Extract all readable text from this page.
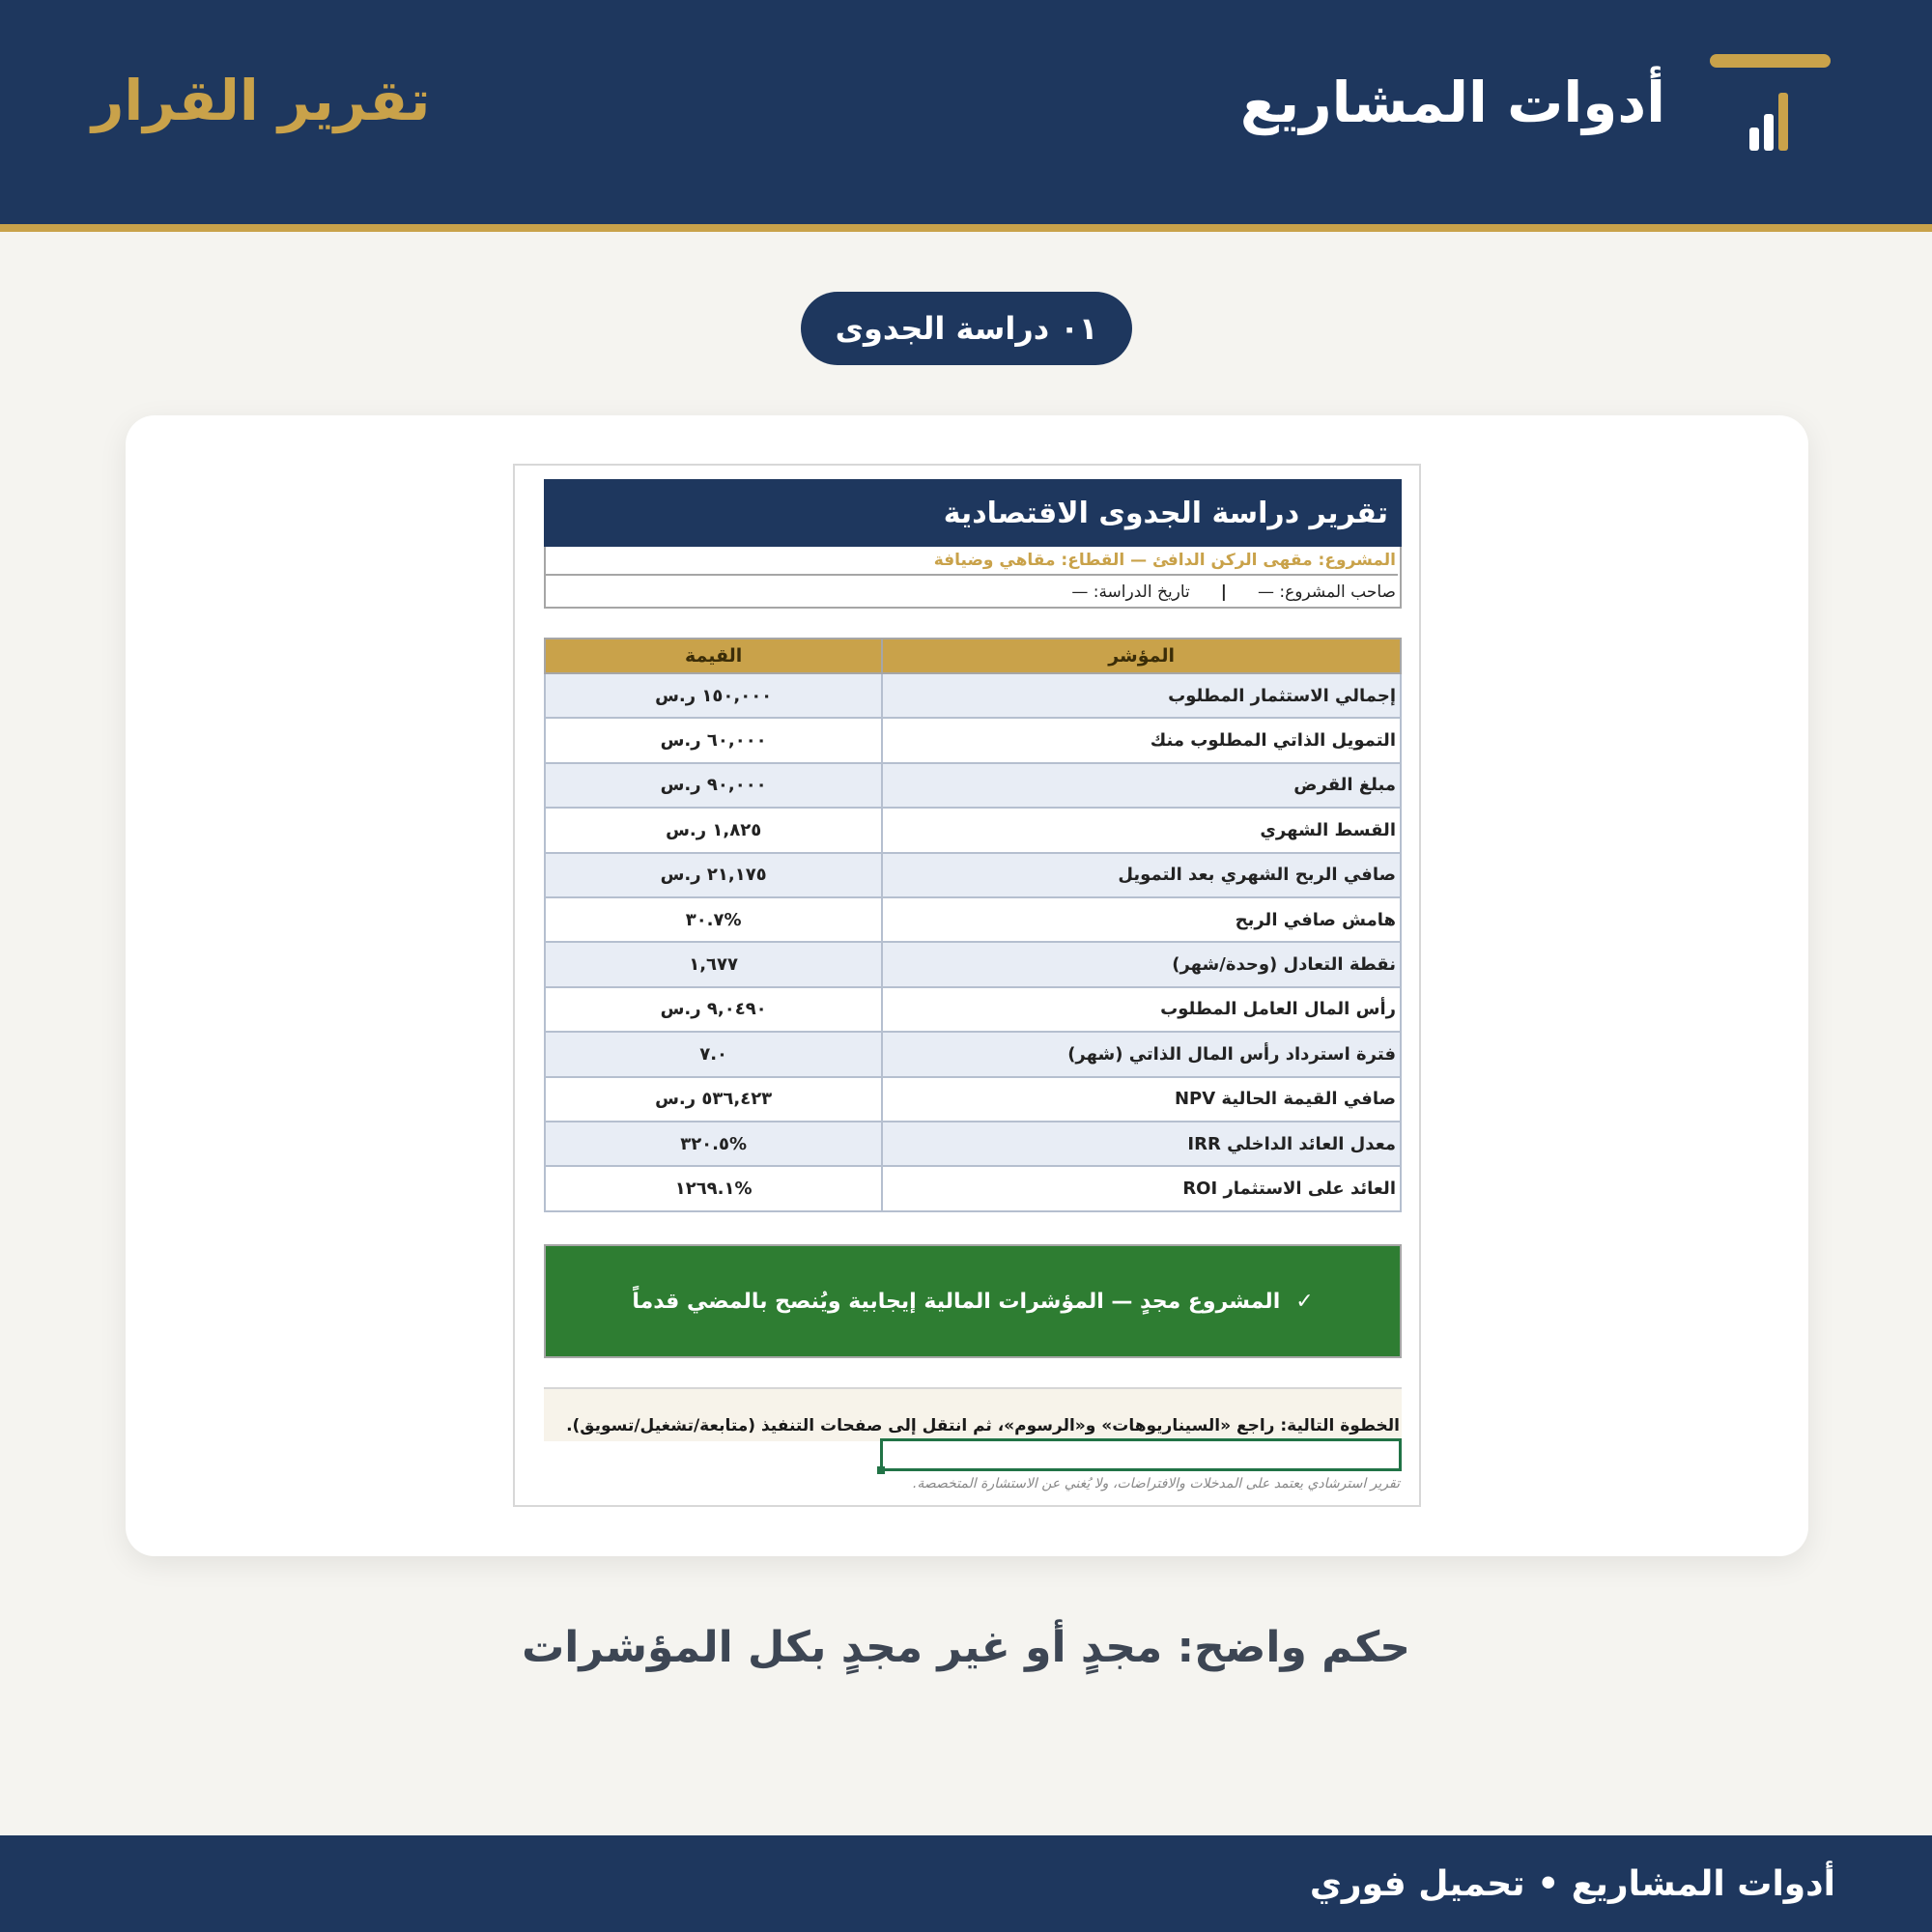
أدوات المشاريع
تقرير القرار
٠١ دراسة الجدوى
تقرير دراسة الجدوى الاقتصادية
المشروع: مقهى الركن الدافئ — القطاع: مقاهي وضيافة
صاحب المشروع: —
|
تاريخ الدراسة: —
المؤشر	القيمة
إجمالي الاستثمار المطلوب	١٥٠,٠٠٠ ر.س
التمويل الذاتي المطلوب منك	٦٠,٠٠٠ ر.س
مبلغ القرض	٩٠,٠٠٠ ر.س
القسط الشهري	١,٨٢٥ ر.س
صافي الربح الشهري بعد التمويل	٢١,١٧٥ ر.س
هامش صافي الربح	%٣٠.٧
نقطة التعادل (وحدة/شهر)	١,٦٧٧
رأس المال العامل المطلوب	٩,٠٤٩٠ ر.س
فترة استرداد رأس المال الذاتي (شهر)	٧.٠
صافي القيمة الحالية NPV	٥٣٦,٤٢٣ ر.س
معدل العائد الداخلي IRR	%٣٢٠.٥
العائد على الاستثمار ROI	%١٢٦٩.١
✓
المشروع مجدٍ — المؤشرات المالية إيجابية ويُنصح بالمضي قدماً
الخطوة التالية: راجع «السيناريوهات» و«الرسوم»، ثم انتقل إلى صفحات التنفيذ (متابعة/تشغيل/تسويق).
تقرير استرشادي يعتمد على المدخلات والافتراضات، ولا يُغني عن الاستشارة المتخصصة.
حكم واضح: مجدٍ أو غير مجدٍ بكل المؤشرات
أدوات المشاريع • تحميل فوري
